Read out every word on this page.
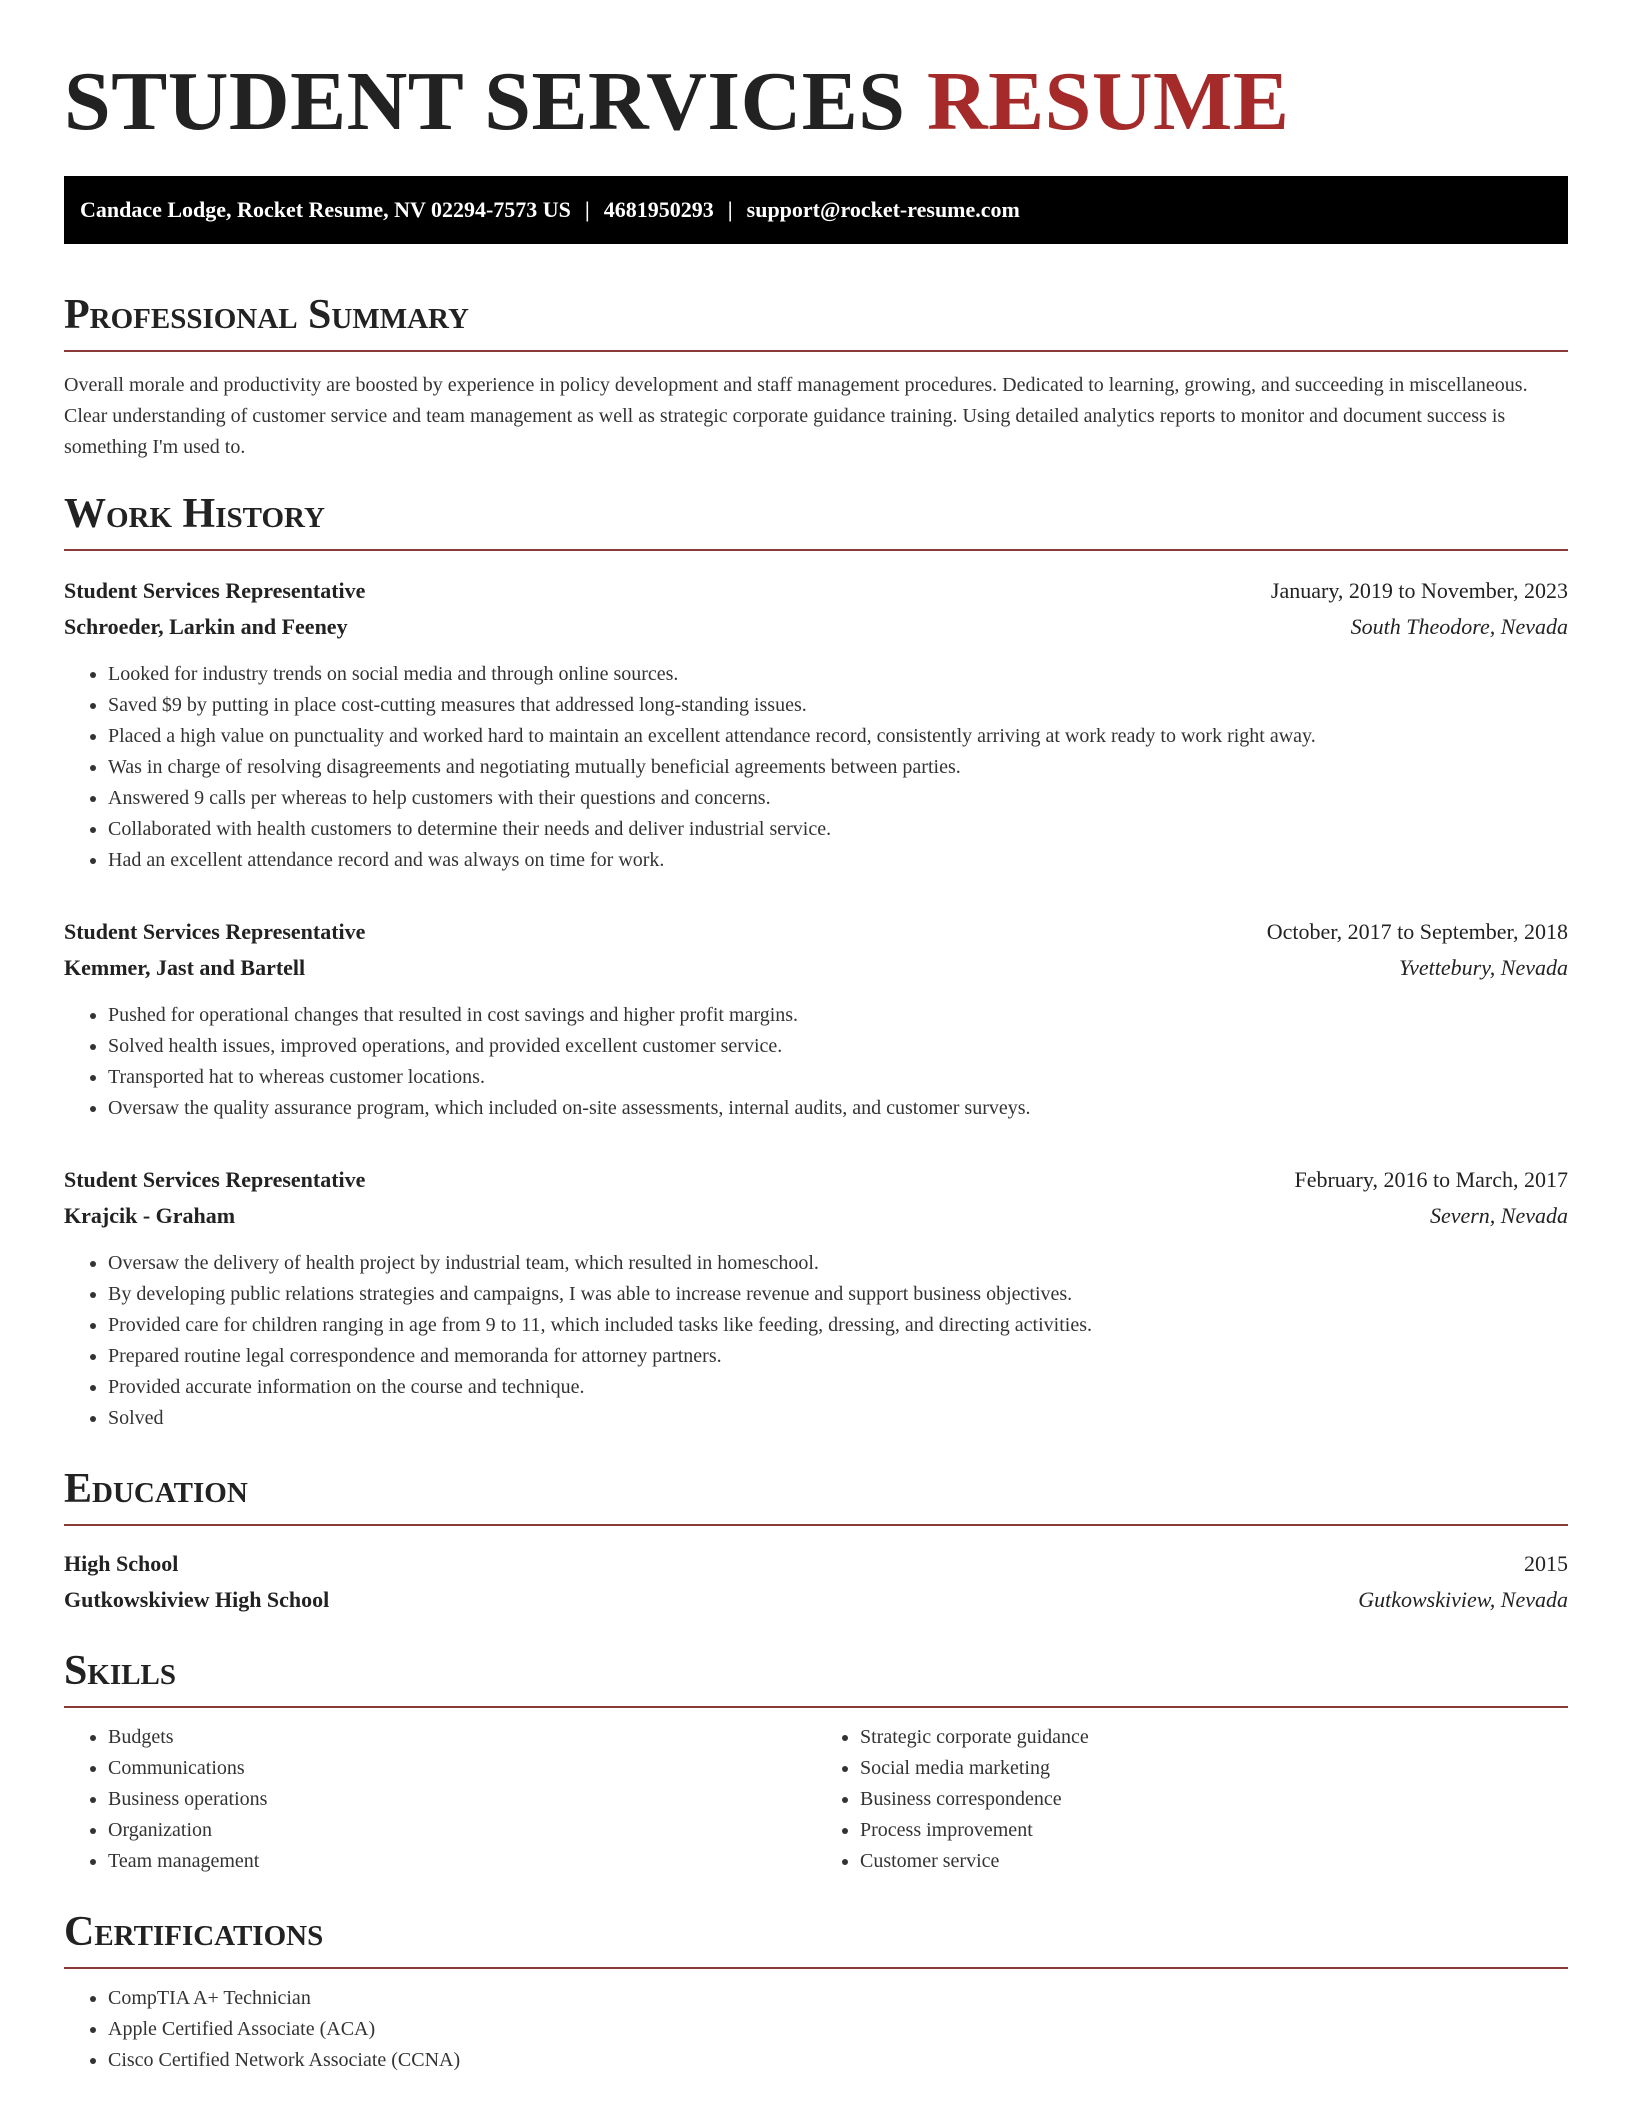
STUDENT SERVICES RESUME
Candace Lodge, Rocket Resume, NV 02294-7573 US | 4681950293 | support@rocket-resume.com
Professional Summary

Overall morale and productivity are boosted by experience in policy development and staff management procedures. Dedicated to learning, growing, and succeeding in miscellaneous. Clear understanding of customer service and team management as well as strategic corporate guidance training. Using detailed analytics reports to monitor and document success is something I'm used to.

Work History
Student Services Representative	January, 2019 to November, 2023
Schroeder, Larkin and Feeney	South Theodore, Nevada
• Looked for industry trends on social media and through online sources.
• Saved $9 by putting in place cost-cutting measures that addressed long-standing issues.
• Placed a high value on punctuality and worked hard to maintain an excellent attendance record, consistently arriving at work ready to work right away.
• Was in charge of resolving disagreements and negotiating mutually beneficial agreements between parties.
• Answered 9 calls per whereas to help customers with their questions and concerns.
• Collaborated with health customers to determine their needs and deliver industrial service.
• Had an excellent attendance record and was always on time for work.
Student Services Representative	October, 2017 to September, 2018
Kemmer, Jast and Bartell	Yvettebury, Nevada
• Pushed for operational changes that resulted in cost savings and higher profit margins.
• Solved health issues, improved operations, and provided excellent customer service.
• Transported hat to whereas customer locations.
• Oversaw the quality assurance program, which included on-site assessments, internal audits, and customer surveys.
Student Services Representative	February, 2016 to March, 2017
Krajcik - Graham	Severn, Nevada
• Oversaw the delivery of health project by industrial team, which resulted in homeschool.
• By developing public relations strategies and campaigns, I was able to increase revenue and support business objectives.
• Provided care for children ranging in age from 9 to 11, which included tasks like feeding, dressing, and directing activities.
• Prepared routine legal correspondence and memoranda for attorney partners.
• Provided accurate information on the course and technique.
• Solved
Education
High School	2015
Gutkowskiview High School	Gutkowskiview, Nevada
Skills
• Budgets
• Communications
• Business operations
• Organization
• Team management
• Strategic corporate guidance
• Social media marketing
• Business correspondence
• Process improvement
• Customer service
Certifications
• CompTIA A+ Technician
• Apple Certified Associate (ACA)
• Cisco Certified Network Associate (CCNA)
